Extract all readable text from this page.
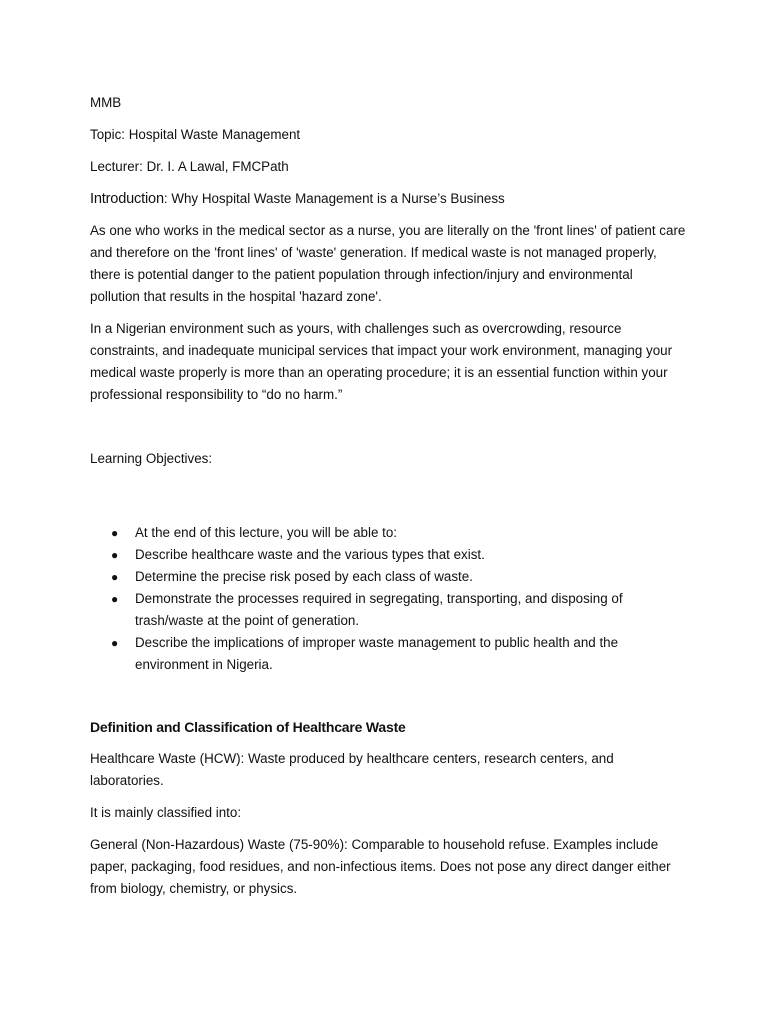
MMB
Topic: Hospital Waste Management
Lecturer: Dr. I. A Lawal, FMCPath
Introduction: Why Hospital Waste Management is a Nurse’s Business

As one who works in the medical sector as a nurse, you are literally on the 'front lines' of patient care and therefore on the 'front lines' of 'waste' generation. If medical waste is not managed properly, there is potential danger to the patient population through infection/injury and environmental pollution that results in the hospital 'hazard zone'.

In a Nigerian environment such as yours, with challenges such as overcrowding, resource constraints, and inadequate municipal services that impact your work environment, managing your medical waste properly is more than an operating procedure; it is an essential function within your professional responsibility to “do no harm.”

Learning Objectives:
● At the end of this lecture, you will be able to:
● Describe healthcare waste and the various types that exist.
● Determine the precise risk posed by each class of waste.
● Demonstrate the processes required in segregating, transporting, and disposing of trash/waste at the point of generation.
● Describe the implications of improper waste management to public health and the environment in Nigeria.
Definition and Classification of Healthcare Waste

Healthcare Waste (HCW): Waste produced by healthcare centers, research centers, and laboratories.

It is mainly classified into:

General (Non-Hazardous) Waste (75-90%): Comparable to household refuse. Examples include paper, packaging, food residues, and non-infectious items. Does not pose any direct danger either from biology, chemistry, or physics.
